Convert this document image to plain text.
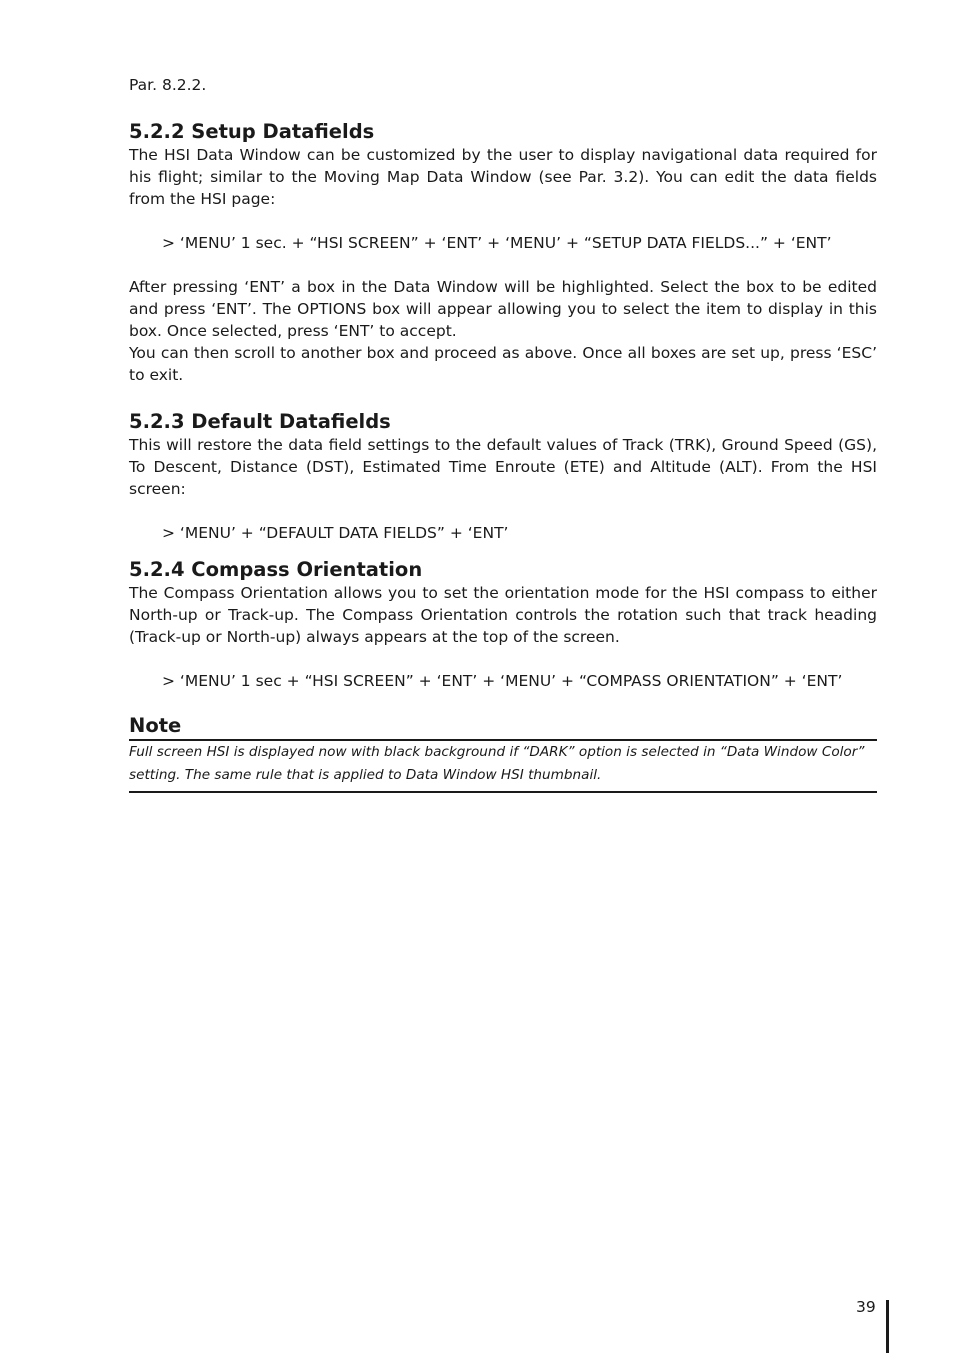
Par. 8.2.2.
5.2.2 Setup Datafields

The HSI Data Window can be customized by the user to display navigational data required for his flight; similar to the Moving Map Data Window (see Par. 3.2). You can edit the data fields from the HSI page:

> ‘MENU’ 1 sec. + “HSI SCREEN” + ‘ENT’ + ‘MENU’ + “SETUP DATA FIELDS...” + ‘ENT’

After pressing ‘ENT’ a box in the Data Window will be highlighted. Select the box to be edited and press ‘ENT’. The OPTIONS box will appear allowing you to select the item to display in this box. Once selected, press ‘ENT’ to accept.

You can then scroll to another box and proceed as above. Once all boxes are set up, press ‘ESC’ to exit.

5.2.3 Default Datafields

This will restore the data field settings to the default values of Track (TRK), Ground Speed (GS), To Descent, Distance (DST), Estimated Time Enroute (ETE) and Altitude (ALT). From the HSI screen:

> ‘MENU’ + “DEFAULT DATA FIELDS” + ‘ENT’
5.2.4 Compass Orientation

The Compass Orientation allows you to set the orientation mode for the HSI compass to either North-up or Track-up. The Compass Orientation controls the rotation such that track heading (Track-up or North-up) always appears at the top of the screen.

> ‘MENU’ 1 sec + “HSI SCREEN” + ‘ENT’ + ‘MENU’ + “COMPASS ORIENTATION” + ‘ENT’
Note

Full screen HSI is displayed now with black background if “DARK” option is selected in “Data Window Color” setting. The same rule that is applied to Data Window HSI thumbnail.

39
